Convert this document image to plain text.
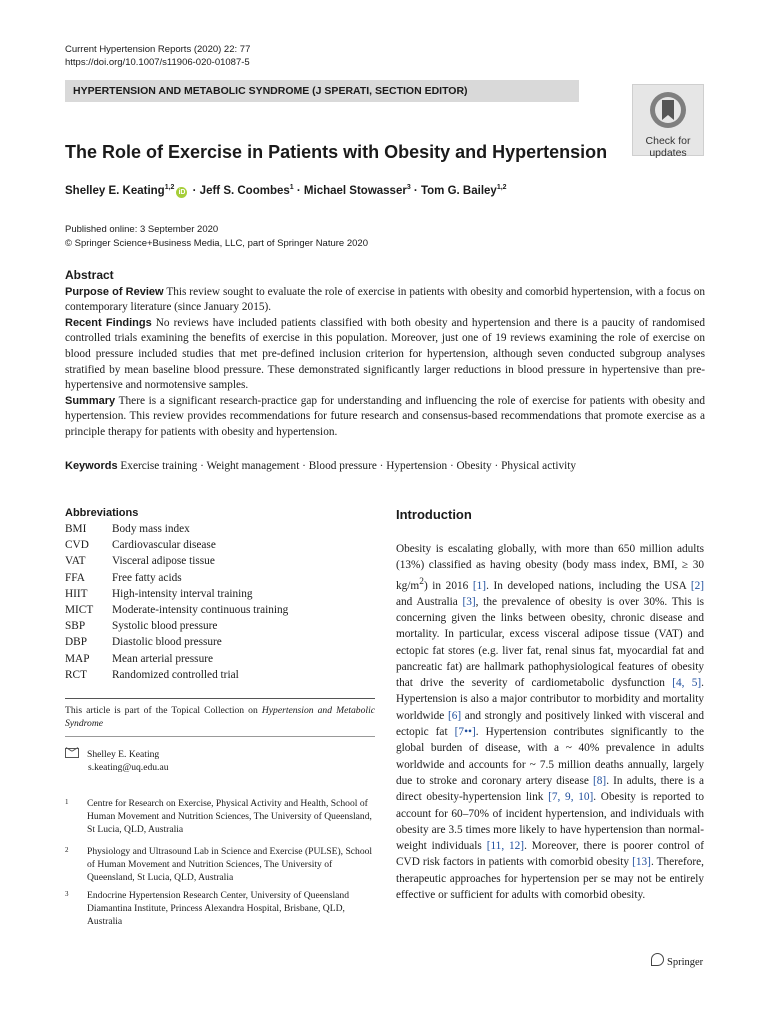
Current Hypertension Reports (2020) 22: 77
https://doi.org/10.1007/s11906-020-01087-5
HYPERTENSION AND METABOLIC SYNDROME (J SPERATI, SECTION EDITOR)
Check for
updates
The Role of Exercise in Patients with Obesity and Hypertension
Shelley E. Keating$^{1,2}$iD · Jeff S. Coombes$^1$ · Michael Stowasser$^3$ · Tom G. Bailey$^{1,2}$
Published online: 3 September 2020
© Springer Science+Business Media, LLC, part of Springer Nature 2020
Abstract

Purpose of Review This review sought to evaluate the role of exercise in patients with obesity and comorbid hypertension, with a focus on contemporary literature (since January 2015).

Recent Findings No reviews have included patients classified with both obesity and hypertension and there is a paucity of randomised controlled trials examining the benefits of exercise in this population. Moreover, just one of 19 reviews examining the role of exercise on blood pressure included studies that met pre-defined inclusion criterion for hypertension, although seven conducted subgroup analyses stratified by mean baseline blood pressure. These demonstrated significantly larger reductions in blood pressure in hypertensive than pre-hypertensive and normotensive samples.

Summary There is a significant research-practice gap for understanding and influencing the role of exercise for patients with obesity and hypertension. This review provides recommendations for future research and consensus-based recommendations that promote exercise as a principle therapy for patients with obesity and hypertension.

Keywords Exercise training · Weight management · Blood pressure · Hypertension · Obesity · Physical activity
Abbreviations
BMI	Body mass index
CVD	Cardiovascular disease
VAT	Visceral adipose tissue
FFA	Free fatty acids
HIIT	High-intensity interval training
MICT	Moderate-intensity continuous training
SBP	Systolic blood pressure
DBP	Diastolic blood pressure
MAP	Mean arterial pressure
RCT	Randomized controlled trial
This article is part of the Topical Collection on Hypertension and Metabolic Syndrome
Shelley E. Keating
s.keating@uq.edu.au
1	Centre for Research on Exercise, Physical Activity and Health, School of Human Movement and Nutrition Sciences, The University of Queensland, St Lucia, QLD, Australia
2	Physiology and Ultrasound Lab in Science and Exercise (PULSE), School of Human Movement and Nutrition Sciences, The University of Queensland, St Lucia, QLD, Australia
3	Endocrine Hypertension Research Center, University of Queensland Diamantina Institute, Princess Alexandra Hospital, Brisbane, QLD, Australia
Introduction
Obesity is escalating globally, with more than 650 million adults (13%) classified as having obesity (body mass index, BMI, ≥ 30 $kg/m^2$) in 2016 [1]. In developed nations, including the USA [2] and Australia [3], the prevalence of obesity is over 30%. This is concerning given the links between obesity, chronic disease and mortality. In particular, excess visceral adipose tissue (VAT) and ectopic fat stores (e.g. liver fat, renal sinus fat, myocardial fat and pancreatic fat) are hallmark pathophysiological features of obesity that drive the severity of cardiometabolic dysfunction [4, 5]. Hypertension is also a major contributor to morbidity and mortality worldwide [6] and strongly and positively linked with visceral and ectopic fat [7••]. Hypertension contributes significantly to the global burden of disease, with a ~ 40% prevalence in adults worldwide and accounts for ~ 7.5 million deaths annually, largely due to stroke and coronary artery disease [8]. In adults, there is a direct obesity-hypertension link [7, 9, 10]. Obesity is reported to account for 60–70% of incident hypertension, and individuals with obesity are 3.5 times more likely to have hypertension than normal-weight individuals [11, 12]. Moreover, there is poorer control of CVD risk factors in patients with comorbid obesity [13]. Therefore, therapeutic approaches for hypertension per se may not be entirely effective or sufficient for adults with comorbid obesity.
Springer
